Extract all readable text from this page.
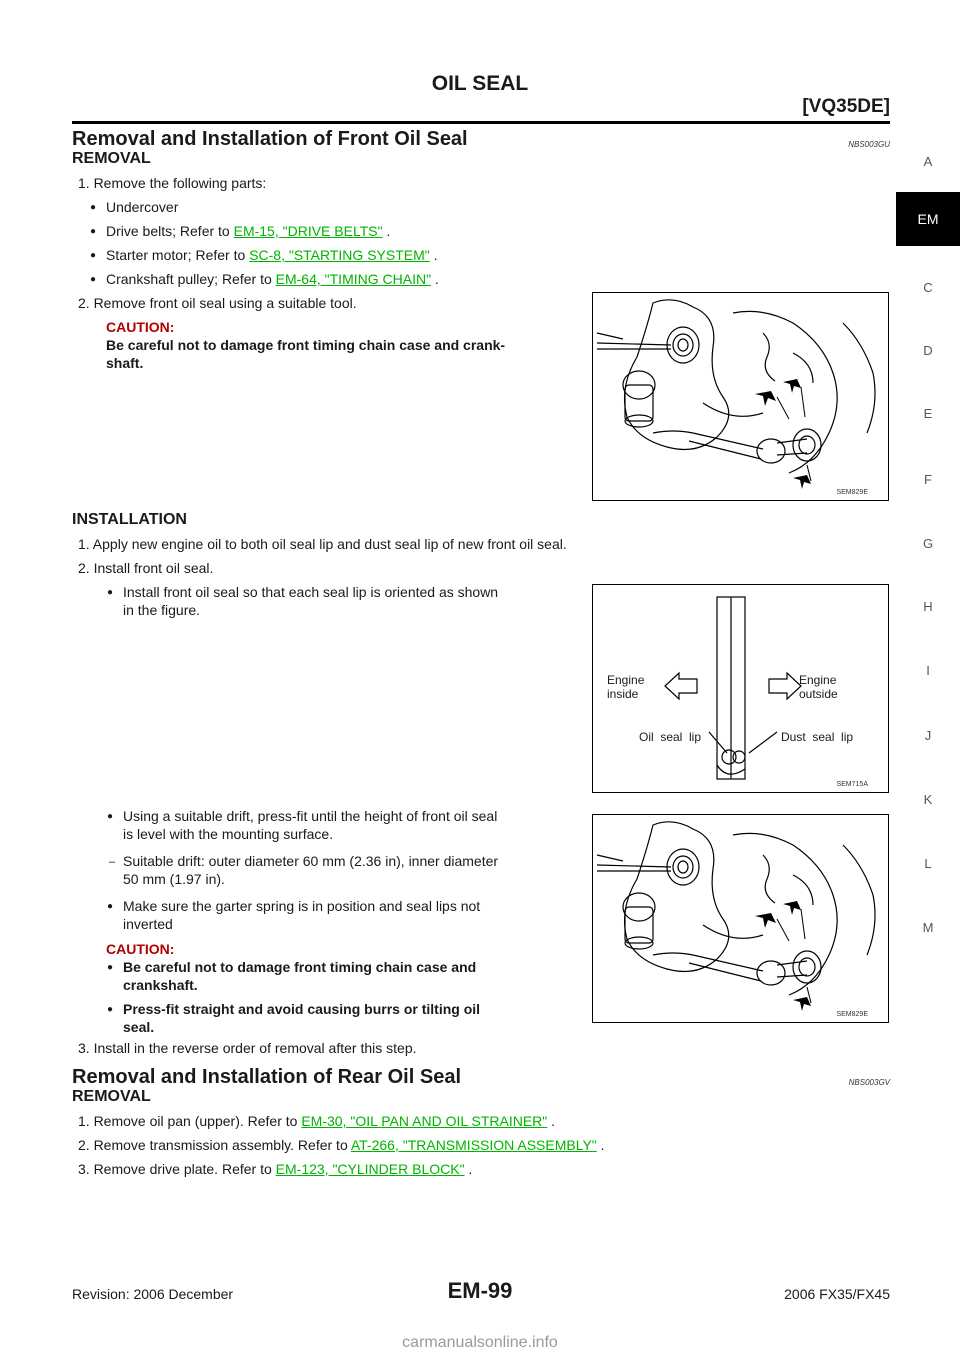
OIL SEAL
[VQ35DE]
A
EM
C
D
E
F
G
H
I
J
K
L
M
Removal and Installation of Front Oil Seal	NBS003GU
REMOVAL
1. Remove the following parts:
● Undercover
● Drive belts; Refer to EM-15, "DRIVE BELTS" .
● Starter motor; Refer to SC-8, "STARTING SYSTEM" .
● Crankshaft pulley; Refer to EM-64, "TIMING CHAIN" .
2. Remove front oil seal using a suitable tool.
CAUTION:
Be careful not to damage front timing chain case and crank-
shaft.
INSTALLATION
1. Apply new engine oil to both oil seal lip and dust seal lip of new front oil seal.
2. Install front oil seal.
● Install front oil seal so that each seal lip is oriented as shown
in the figure.
● Using a suitable drift, press-fit until the height of front oil seal
is level with the mounting surface.
– Suitable drift: outer diameter 60 mm (2.36 in), inner diameter
50 mm (1.97 in).
● Make sure the garter spring is in position and seal lips not
inverted
CAUTION:
● Be careful not to damage front timing chain case and
crankshaft.
● Press-fit straight and avoid causing burrs or tilting oil
seal.
3. Install in the reverse order of removal after this step.
Removal and Installation of Rear Oil Seal	NBS003GV
REMOVAL
1. Remove oil pan (upper). Refer to EM-30, "OIL PAN AND OIL STRAINER" .
2. Remove transmission assembly. Refer to AT-266, "TRANSMISSION ASSEMBLY" .
3. Remove drive plate. Refer to EM-123, "CYLINDER BLOCK" .
SEM829E
Engine
inside
Engine
outside
Oil  seal  lip	Dust  seal  lip
SEM715A
SEM829E
Revision: 2006 December	EM-99	2006 FX35/FX45
carmanualsonline.info
